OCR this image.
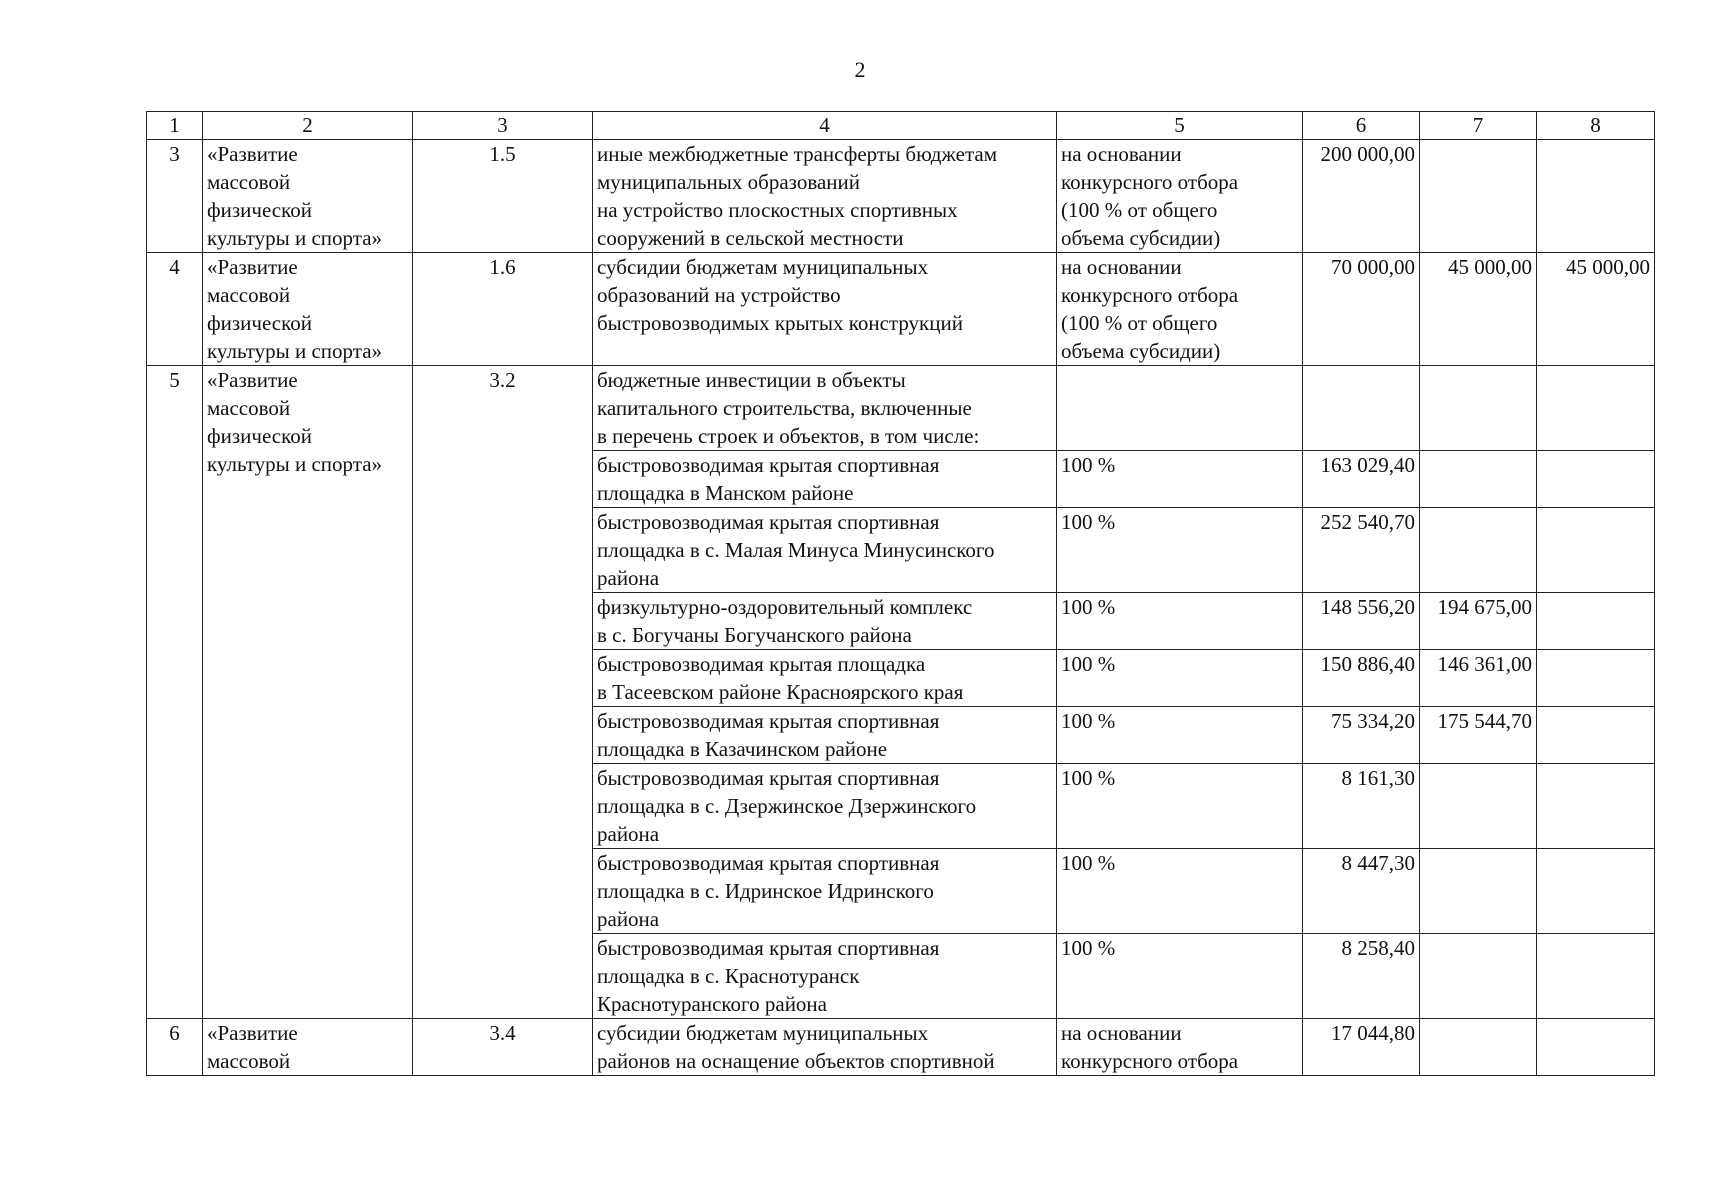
2
1	2	3	4	5	6	7	8
3	«Развитие
массовой
физической
культуры и спорта»	1.5	иные межбюджетные трансферты бюджетам
муниципальных образований
на устройство плоскостных спортивных
сооружений в сельской местности	на основании
конкурсного отбора
(100 % от общего
объема субсидии)	200 000,00		
4	«Развитие
массовой
физической
культуры и спорта»	1.6	субсидии бюджетам муниципальных
образований на устройство
быстровозводимых крытых конструкций	на основании
конкурсного отбора
(100 % от общего
объема субсидии)	70 000,00	45 000,00	45 000,00
5	«Развитие
массовой
физической
культуры и спорта»	3.2	бюджетные инвестиции в объекты
капитального строительства, включенные
в перечень строек и объектов, в том числе:				
			быстровозводимая крытая спортивная
площадка в Манском районе	100 %	163 029,40		
			быстровозводимая крытая спортивная
площадка в с. Малая Минуса Минусинского
района	100 %	252 540,70		
			физкультурно-оздоровительный комплекс
в с. Богучаны Богучанского района	100 %	148 556,20	194 675,00	
			быстровозводимая крытая площадка
в Тасеевском районе Красноярского края	100 %	150 886,40	146 361,00	
			быстровозводимая крытая спортивная
площадка в Казачинском районе	100 %	75 334,20	175 544,70	
			быстровозводимая крытая спортивная
площадка в с. Дзержинское Дзержинского
района	100 %	8 161,30		
			быстровозводимая крытая спортивная
площадка в с. Идринское Идринского
района	100 %	8 447,30		
			быстровозводимая крытая спортивная
площадка в с. Краснотуранск
Краснотуранского района	100 %	8 258,40		
6	«Развитие
массовой	3.4	субсидии бюджетам муниципальных
районов на оснащение объектов спортивной	на основании
конкурсного отбора	17 044,80		
